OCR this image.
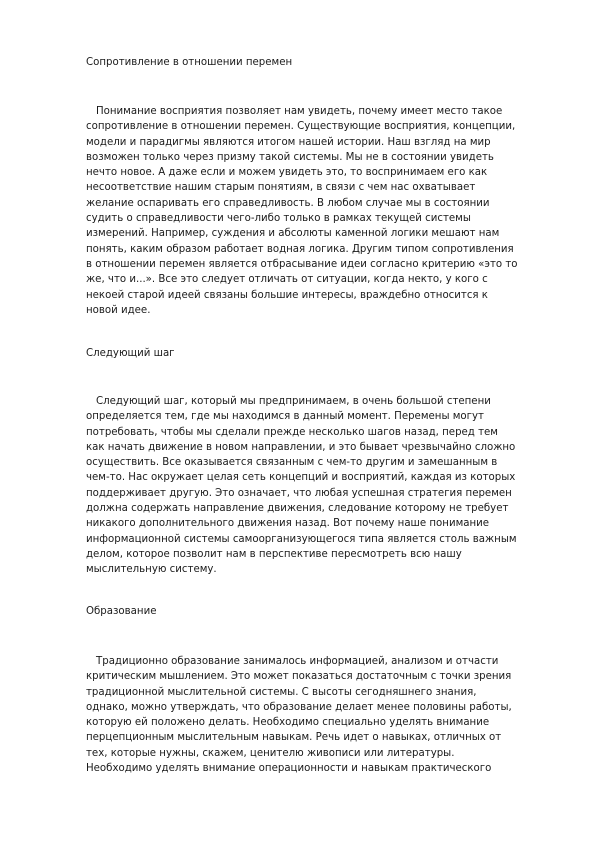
Сопротивление в отношении перемен
Понимание восприятия позволяет нам увидеть, почему имеет место такое
сопротивление в отношении перемен. Существующие восприятия, концепции,
модели и парадигмы являются итогом нашей истории. Наш взгляд на мир
возможен только через призму такой системы. Мы не в состоянии увидеть
нечто новое. А даже если и можем увидеть это, то воспринимаем его как
несоответствие нашим старым понятиям, в связи с чем нас охватывает
желание оспаривать его справедливость. В любом случае мы в состоянии
судить о справедливости чего-либо только в рамках текущей системы
измерений. Например, суждения и абсолюты каменной логики мешают нам
понять, каким образом работает водная логика. Другим типом сопротивления
в отношении перемен является отбрасывание идеи согласно критерию «это то
же, что и...». Все это следует отличать от ситуации, когда некто, у кого с
некоей старой идеей связаны большие интересы, враждебно относится к
новой идее.
Следующий шаг
Следующий шаг, который мы предпринимаем, в очень большой степени
определяется тем, где мы находимся в данный момент. Перемены могут
потребовать, чтобы мы сделали прежде несколько шагов назад, перед тем
как начать движение в новом направлении, и это бывает чрезвычайно сложно
осуществить. Все оказывается связанным с чем-то другим и замешанным в
чем-то. Нас окружает целая сеть концепций и восприятий, каждая из которых
поддерживает другую. Это означает, что любая успешная стратегия перемен
должна содержать направление движения, следование которому не требует
никакого дополнительного движения назад. Вот почему наше понимание
информационной системы самоорганизующегося типа является столь важным
делом, которое позволит нам в перспективе пересмотреть всю нашу
мыслительную систему.
Образование
Традиционно образование занималось информацией, анализом и отчасти
критическим мышлением. Это может показаться достаточным с точки зрения
традиционной мыслительной системы. С высоты сегодняшнего знания,
однако, можно утверждать, что образование делает менее половины работы,
которую ей положено делать. Необходимо специально уделять внимание
перцепционным мыслительным навыкам. Речь идет о навыках, отличных от
тех, которые нужны, скажем, ценителю живописи или литературы.
Необходимо уделять внимание операционности и навыкам практического
